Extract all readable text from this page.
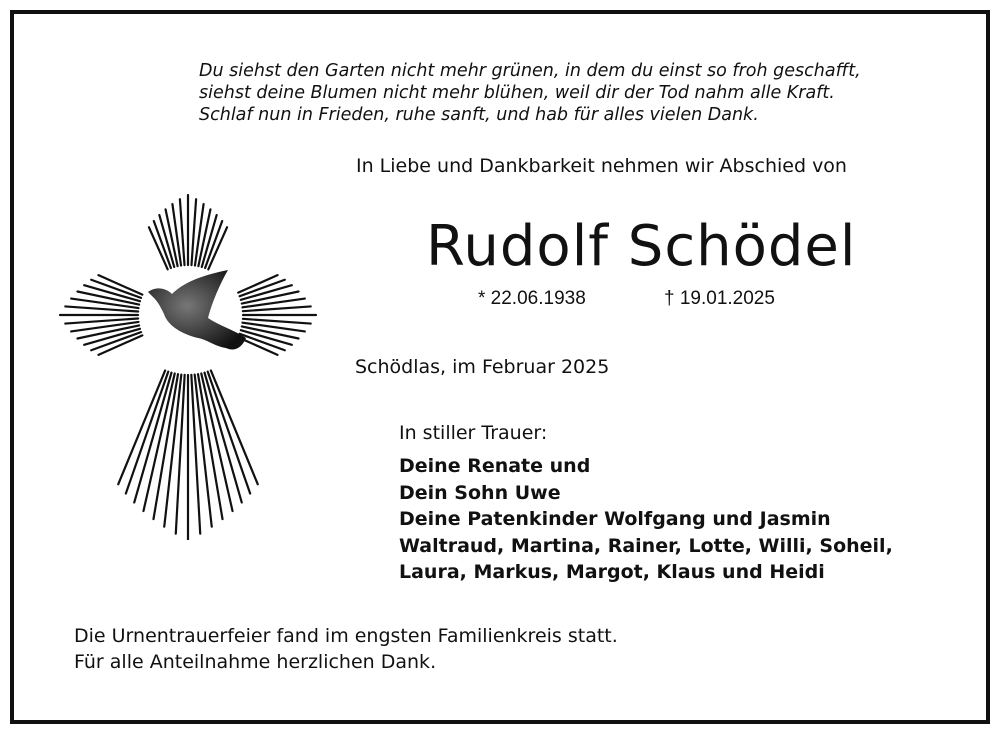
Du siehst den Garten nicht mehr grünen, in dem du einst so froh geschafft,
siehst deine Blumen nicht mehr blühen, weil dir der Tod nahm alle Kraft.
Schlaf nun in Frieden, ruhe sanft, und hab für alles vielen Dank.
In Liebe und Dankbarkeit nehmen wir Abschied von
Rudolf Schödel
* 22.06.1938	† 19.01.2025
Schödlas, im Februar 2025
In stiller Trauer:
Deine Renate und
Dein Sohn Uwe
Deine Patenkinder Wolfgang und Jasmin
Waltraud, Martina, Rainer, Lotte, Willi, Soheil,
Laura, Markus, Margot, Klaus und Heidi
Die Urnentrauerfeier fand im engsten Familienkreis statt.
Für alle Anteilnahme herzlichen Dank.
